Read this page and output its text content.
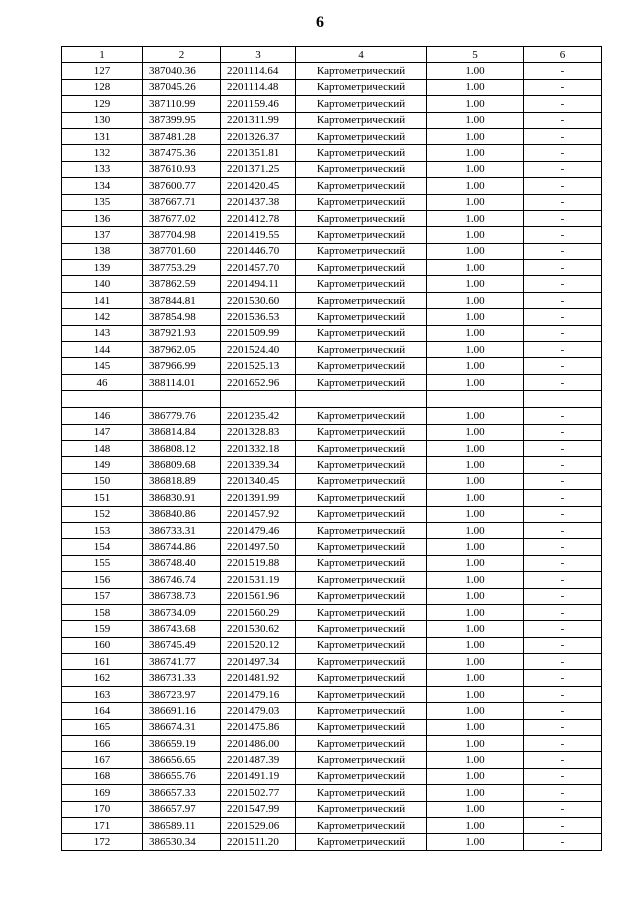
6
1	2	3	4	5	6
127	387040.36	2201114.64	Картометрический	1.00	-
128	387045.26	2201114.48	Картометрический	1.00	-
129	387110.99	2201159.46	Картометрический	1.00	-
130	387399.95	2201311.99	Картометрический	1.00	-
131	387481.28	2201326.37	Картометрический	1.00	-
132	387475.36	2201351.81	Картометрический	1.00	-
133	387610.93	2201371.25	Картометрический	1.00	-
134	387600.77	2201420.45	Картометрический	1.00	-
135	387667.71	2201437.38	Картометрический	1.00	-
136	387677.02	2201412.78	Картометрический	1.00	-
137	387704.98	2201419.55	Картометрический	1.00	-
138	387701.60	2201446.70	Картометрический	1.00	-
139	387753.29	2201457.70	Картометрический	1.00	-
140	387862.59	2201494.11	Картометрический	1.00	-
141	387844.81	2201530.60	Картометрический	1.00	-
142	387854.98	2201536.53	Картометрический	1.00	-
143	387921.93	2201509.99	Картометрический	1.00	-
144	387962.05	2201524.40	Картометрический	1.00	-
145	387966.99	2201525.13	Картометрический	1.00	-
46	388114.01	2201652.96	Картометрический	1.00	-

146	386779.76	2201235.42	Картометрический	1.00	-
147	386814.84	2201328.83	Картометрический	1.00	-
148	386808.12	2201332.18	Картометрический	1.00	-
149	386809.68	2201339.34	Картометрический	1.00	-
150	386818.89	2201340.45	Картометрический	1.00	-
151	386830.91	2201391.99	Картометрический	1.00	-
152	386840.86	2201457.92	Картометрический	1.00	-
153	386733.31	2201479.46	Картометрический	1.00	-
154	386744.86	2201497.50	Картометрический	1.00	-
155	386748.40	2201519.88	Картометрический	1.00	-
156	386746.74	2201531.19	Картометрический	1.00	-
157	386738.73	2201561.96	Картометрический	1.00	-
158	386734.09	2201560.29	Картометрический	1.00	-
159	386743.68	2201530.62	Картометрический	1.00	-
160	386745.49	2201520.12	Картометрический	1.00	-
161	386741.77	2201497.34	Картометрический	1.00	-
162	386731.33	2201481.92	Картометрический	1.00	-
163	386723.97	2201479.16	Картометрический	1.00	-
164	386691.16	2201479.03	Картометрический	1.00	-
165	386674.31	2201475.86	Картометрический	1.00	-
166	386659.19	2201486.00	Картометрический	1.00	-
167	386656.65	2201487.39	Картометрический	1.00	-
168	386655.76	2201491.19	Картометрический	1.00	-
169	386657.33	2201502.77	Картометрический	1.00	-
170	386657.97	2201547.99	Картометрический	1.00	-
171	386589.11	2201529.06	Картометрический	1.00	-
172	386530.34	2201511.20	Картометрический	1.00	-
